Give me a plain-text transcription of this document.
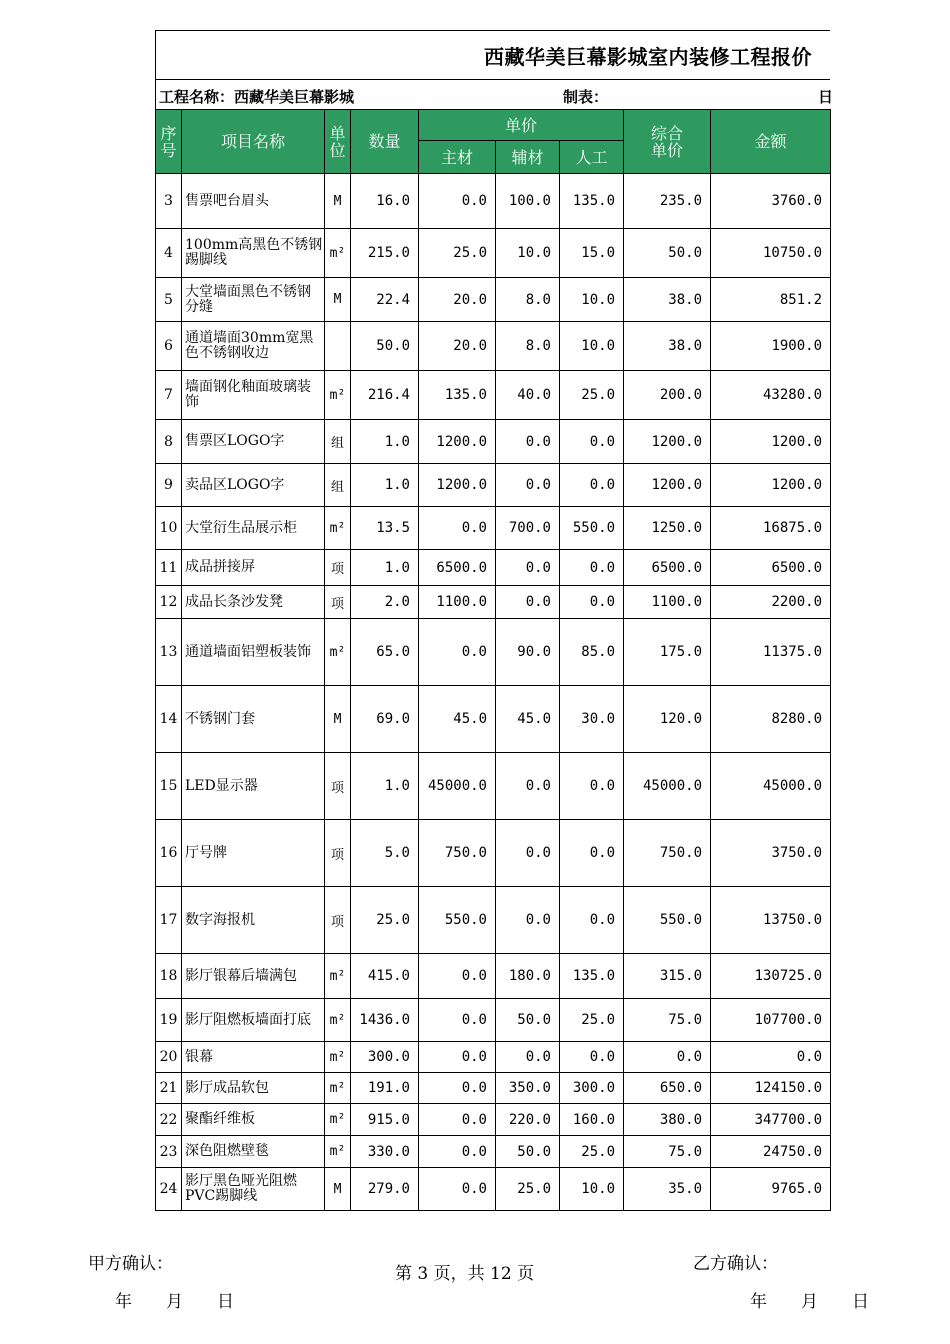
西藏华美巨幕影城室内装修工程报价
工程名称：西藏华美巨幕影城	制表：	日
序号	项目名称	单位	数量	单价			综合单价	金额
				主材	辅材	人工		
3	售票吧台眉头	M	16.0	0.0	100.0	135.0	235.0	3760.0
4	100mm高黑色不锈钢踢脚线	m²	215.0	25.0	10.0	15.0	50.0	10750.0
5	大堂墙面黑色不锈钢分缝	M	22.4	20.0	8.0	10.0	38.0	851.2
6	通道墙面30mm宽黑色不锈钢收边		50.0	20.0	8.0	10.0	38.0	1900.0
7	墙面钢化釉面玻璃装饰	m²	216.4	135.0	40.0	25.0	200.0	43280.0
8	售票区LOGO字	组	1.0	1200.0	0.0	0.0	1200.0	1200.0
9	卖品区LOGO字	组	1.0	1200.0	0.0	0.0	1200.0	1200.0
10	大堂衍生品展示柜	m²	13.5	0.0	700.0	550.0	1250.0	16875.0
11	成品拼接屏	项	1.0	6500.0	0.0	0.0	6500.0	6500.0
12	成品长条沙发凳	项	2.0	1100.0	0.0	0.0	1100.0	2200.0
13	通道墙面铝塑板装饰	m²	65.0	0.0	90.0	85.0	175.0	11375.0
14	不锈钢门套	M	69.0	45.0	45.0	30.0	120.0	8280.0
15	LED显示器	项	1.0	45000.0	0.0	0.0	45000.0	45000.0
16	厅号牌	项	5.0	750.0	0.0	0.0	750.0	3750.0
17	数字海报机	项	25.0	550.0	0.0	0.0	550.0	13750.0
18	影厅银幕后墙满包	m²	415.0	0.0	180.0	135.0	315.0	130725.0
19	影厅阻燃板墙面打底	m²	1436.0	0.0	50.0	25.0	75.0	107700.0
20	银幕	m²	300.0	0.0	0.0	0.0	0.0	0.0
21	影厅成品软包	m²	191.0	0.0	350.0	300.0	650.0	124150.0
22	聚酯纤维板	m²	915.0	0.0	220.0	160.0	380.0	347700.0
23	深色阻燃壁毯	m²	330.0	0.0	50.0	25.0	75.0	24750.0
24	影厅黑色哑光阻燃PVC踢脚线	M	279.0	0.0	25.0	10.0	35.0	9765.0
甲方确认：	第 3 页，共 12 页	乙方确认：
年　　月　　日	年　　月　　日
